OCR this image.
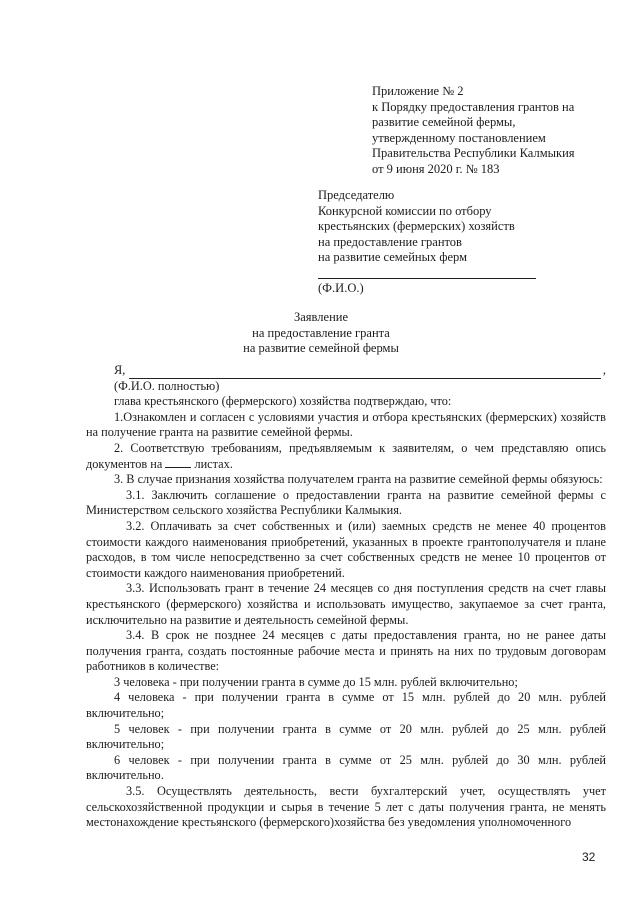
Приложение № 2
к Порядку предоставления грантов на
развитие семейной фермы,
утвержденному постановлением
Правительства Республики Калмыкия
от 9 июня 2020 г. № 183
Председателю
Конкурсной комиссии по отбору
крестьянских (фермерских) хозяйств
на предоставление грантов
на развитие семейных ферм
(Ф.И.О.)
Заявление
на предоставление гранта
на развитие семейной фермы
Я,	,
(Ф.И.О. полностью)
глава крестьянского (фермерского) хозяйства подтверждаю, что:
1.Ознакомлен и согласен с условиями участия и отбора крестьянских (фермерских) хозяйств на получение гранта на развитие семейной фермы.
2. Соответствую требованиям, предъявляемым к заявителям, о чем представляю опись документов на	листах.
3. В случае признания хозяйства получателем гранта на развитие семейной фермы обязуюсь:
3.1. Заключить соглашение о предоставлении гранта на развитие семейной фермы с Министерством сельского хозяйства Республики Калмыкия.
3.2. Оплачивать за счет собственных и (или) заемных средств не менее 40 процентов стоимости каждого наименования приобретений, указанных в проекте грантополучателя и плане расходов, в том числе непосредственно за счет собственных средств не менее 10 процентов от стоимости каждого наименования приобретений.
3.3. Использовать грант в течение 24 месяцев со дня поступления средств на счет главы крестьянского (фермерского) хозяйства и использовать имущество, закупаемое за счет гранта, исключительно на развитие и деятельность семейной фермы.
3.4. В срок не позднее 24 месяцев с даты предоставления гранта, но не ранее даты получения гранта, создать постоянные рабочие места и принять на них по трудовым договорам работников в количестве:
3 человека - при получении гранта в сумме до 15 млн. рублей включительно;
4 человека - при получении гранта в сумме от 15 млн. рублей до 20 млн. рублей включительно;
5 человек - при получении гранта в сумме от 20 млн. рублей до 25 млн. рублей включительно;
6 человек - при получении гранта в сумме от 25 млн. рублей до 30 млн. рублей включительно.
3.5. Осуществлять деятельность, вести бухгалтерский учет, осуществлять учет сельскохозяйственной продукции и сырья в течение 5 лет с даты получения гранта, не менять местонахождение крестьянского (фермерского)хозяйства без уведомления уполномоченного
32
